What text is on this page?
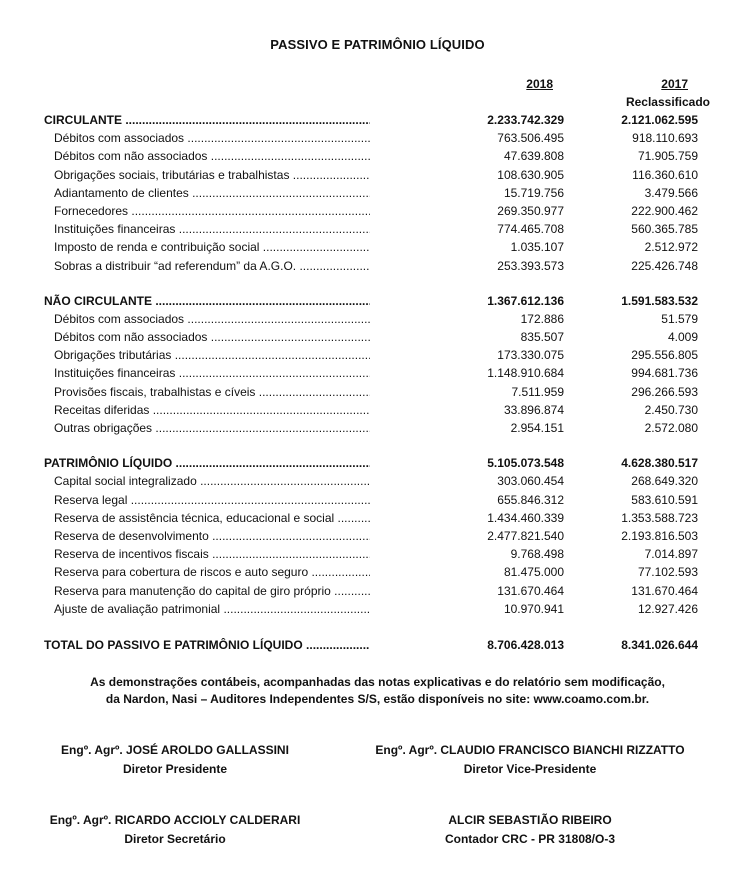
PASSIVO E PATRIMÔNIO LÍQUIDO
2018	2017
Reclassificado
CIRCULANTE .....	2.233.742.329	2.121.062.595
Débitos com associados .....	763.506.495	918.110.693
Débitos com não associados .....	47.639.808	71.905.759
Obrigações sociais, tributárias e trabalhistas .....	108.630.905	116.360.610
Adiantamento de clientes .....	15.719.756	3.479.566
Fornecedores .....	269.350.977	222.900.462
Instituições financeiras .....	774.465.708	560.365.785
Imposto de renda e contribuição social .....	1.035.107	2.512.972
Sobras a distribuir “ad referendum” da A.G.O. .....	253.393.573	225.426.748
NÃO CIRCULANTE .....	1.367.612.136	1.591.583.532
Débitos com associados .....	172.886	51.579
Débitos com não associados .....	835.507	4.009
Obrigações tributárias .....	173.330.075	295.556.805
Instituições financeiras .....	1.148.910.684	994.681.736
Provisões fiscais, trabalhistas e cíveis .....	7.511.959	296.266.593
Receitas diferidas .....	33.896.874	2.450.730
Outras obrigações .....	2.954.151	2.572.080
PATRIMÔNIO LÍQUIDO .....	5.105.073.548	4.628.380.517
Capital social integralizado .....	303.060.454	268.649.320
Reserva legal .....	655.846.312	583.610.591
Reserva de assistência técnica, educacional e social .....	1.434.460.339	1.353.588.723
Reserva de desenvolvimento .....	2.477.821.540	2.193.816.503
Reserva de incentivos fiscais .....	9.768.498	7.014.897
Reserva para cobertura de riscos e auto seguro .....	81.475.000	77.102.593
Reserva para manutenção do capital de giro próprio .....	131.670.464	131.670.464
Ajuste de avaliação patrimonial .....	10.970.941	12.927.426
TOTAL DO PASSIVO E PATRIMÔNIO LÍQUIDO .....	8.706.428.013	8.341.026.644
As demonstrações contábeis, acompanhadas das notas explicativas e do relatório sem modificação,
da Nardon, Nasi – Auditores Independentes S/S, estão disponíveis no site: www.coamo.com.br.
Engº. Agrº. JOSÉ AROLDO GALLASSINI
Diretor Presidente
Engº. Agrº. CLAUDIO FRANCISCO BIANCHI RIZZATTO
Diretor Vice-Presidente
Engº. Agrº. RICARDO ACCIOLY CALDERARI
Diretor Secretário
ALCIR SEBASTIÃO RIBEIRO
Contador CRC - PR 31808/O-3
